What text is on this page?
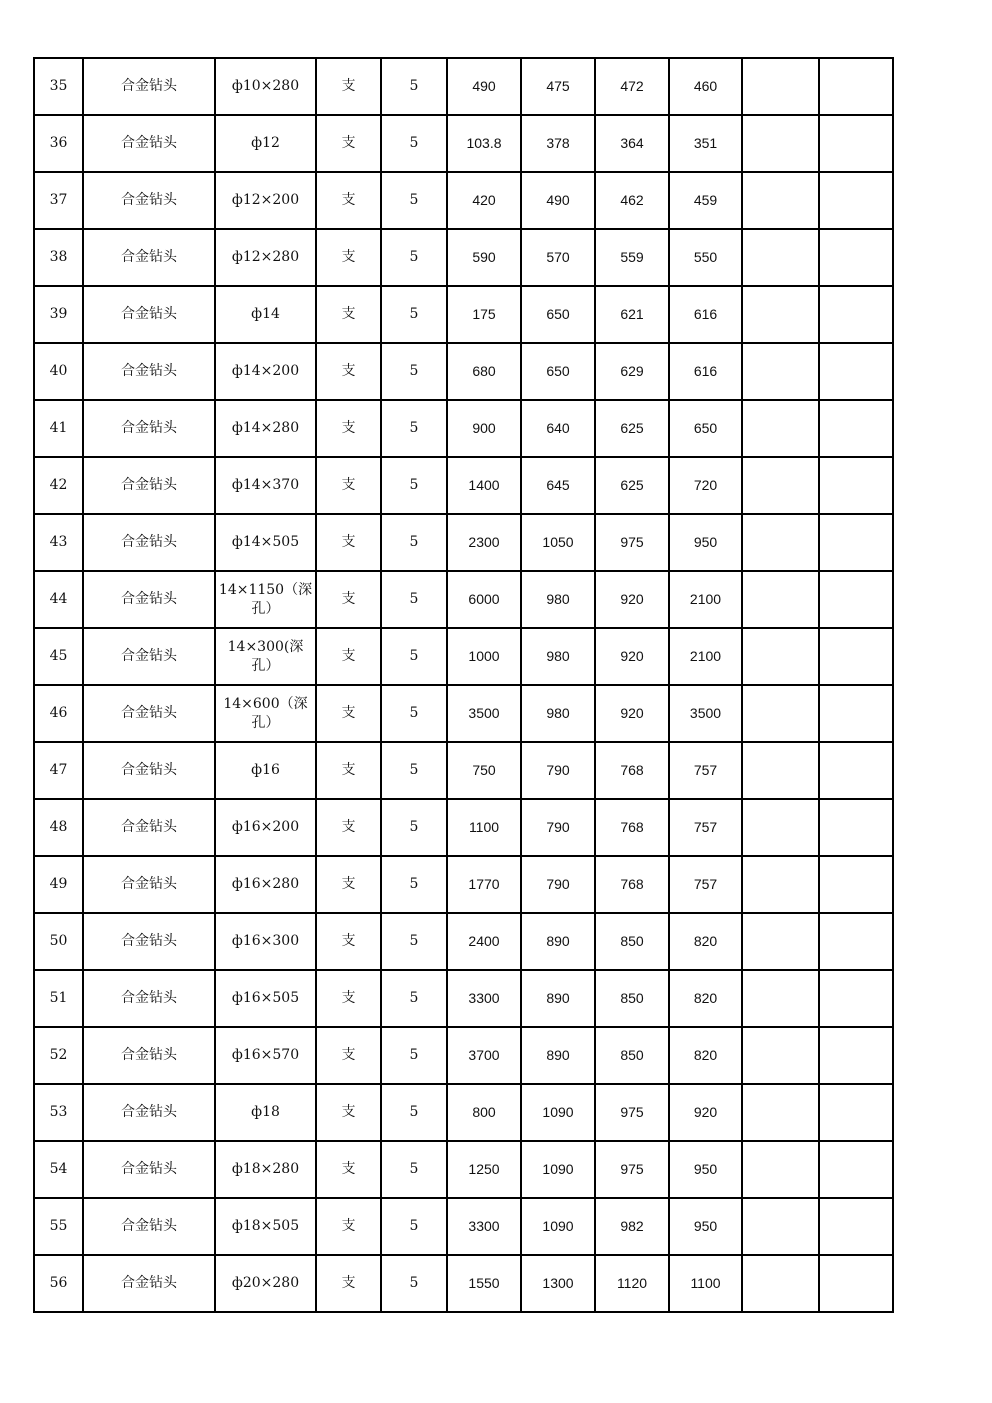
35	合金钻头	ф10×280	支	5	490	475	472	460		
36	合金钻头	ф12	支	5	103.8	378	364	351		
37	合金钻头	ф12×200	支	5	420	490	462	459		
38	合金钻头	ф12×280	支	5	590	570	559	550		
39	合金钻头	ф14	支	5	175	650	621	616		
40	合金钻头	ф14×200	支	5	680	650	629	616		
41	合金钻头	ф14×280	支	5	900	640	625	650		
42	合金钻头	ф14×370	支	5	1400	645	625	720		
43	合金钻头	ф14×505	支	5	2300	1050	975	950		
44	合金钻头	14×1150（深孔）	支	5	6000	980	920	2100		
45	合金钻头	14×300(深孔）	支	5	1000	980	920	2100		
46	合金钻头	14×600（深孔）	支	5	3500	980	920	3500		
47	合金钻头	ф16	支	5	750	790	768	757		
48	合金钻头	ф16×200	支	5	1100	790	768	757		
49	合金钻头	ф16×280	支	5	1770	790	768	757		
50	合金钻头	ф16×300	支	5	2400	890	850	820		
51	合金钻头	ф16×505	支	5	3300	890	850	820		
52	合金钻头	ф16×570	支	5	3700	890	850	820		
53	合金钻头	ф18	支	5	800	1090	975	920		
54	合金钻头	ф18×280	支	5	1250	1090	975	950		
55	合金钻头	ф18×505	支	5	3300	1090	982	950		
56	合金钻头	ф20×280	支	5	1550	1300	1120	1100		
